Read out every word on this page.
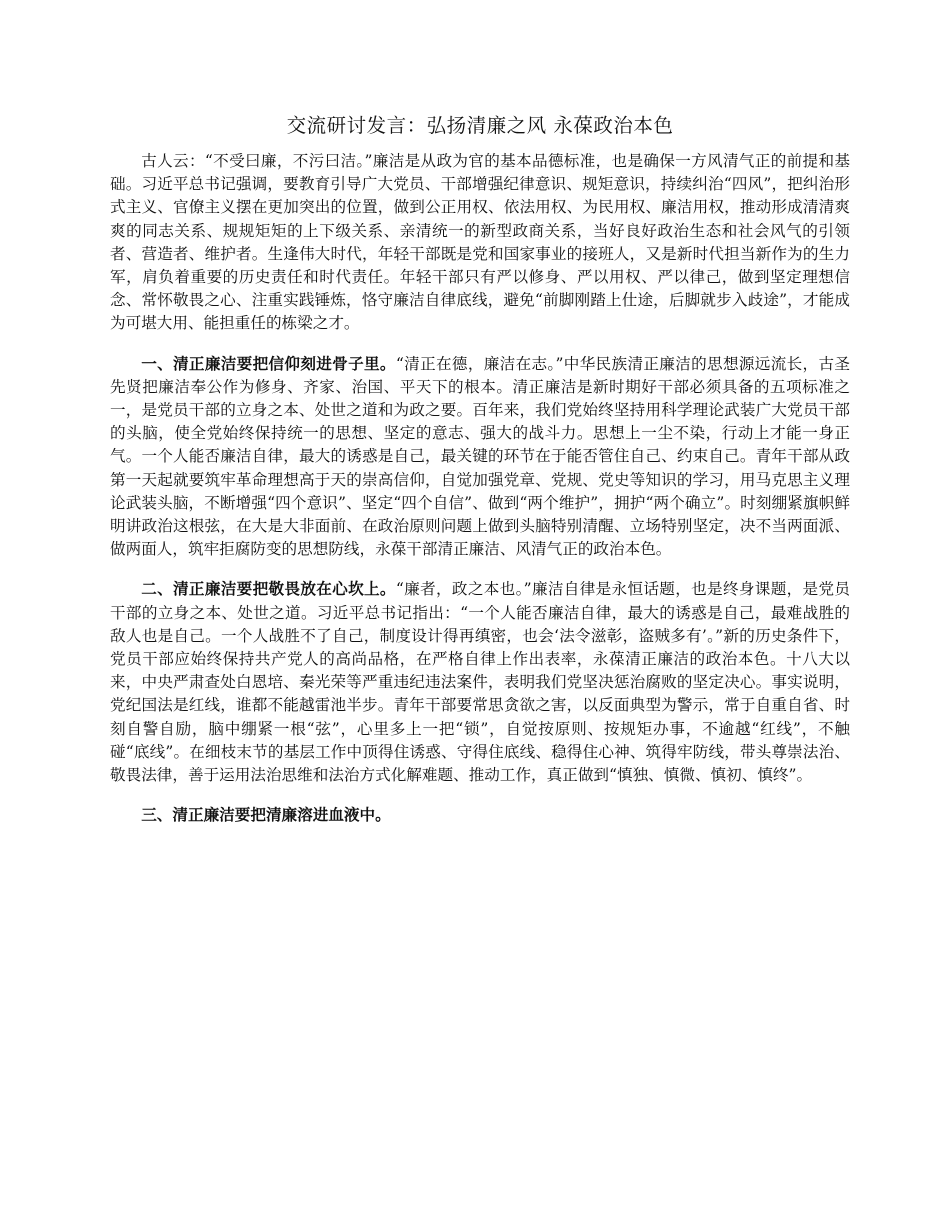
交流研讨发言：弘扬清廉之风 永葆政治本色

古人云：“不受曰廉，不污曰洁。”廉洁是从政为官的基本品德标准，也是确保一方风清气正的前提和基础。习近平总书记强调，要教育引导广大党员、干部增强纪律意识、规矩意识，持续纠治“四风”，把纠治形式主义、官僚主义摆在更加突出的位置，做到公正用权、依法用权、为民用权、廉洁用权，推动形成清清爽爽的同志关系、规规矩矩的上下级关系、亲清统一的新型政商关系，当好良好政治生态和社会风气的引领者、营造者、维护者。生逢伟大时代，年轻干部既是党和国家事业的接班人，又是新时代担当新作为的生力军，肩负着重要的历史责任和时代责任。年轻干部只有严以修身、严以用权、严以律己，做到坚定理想信念、常怀敬畏之心、注重实践锤炼，恪守廉洁自律底线，避免“前脚刚踏上仕途，后脚就步入歧途”，才能成为可堪大用、能担重任的栋梁之才。

一、清正廉洁要把信仰刻进骨子里。“清正在德，廉洁在志。”中华民族清正廉洁的思想源远流长，古圣先贤把廉洁奉公作为修身、齐家、治国、平天下的根本。清正廉洁是新时期好干部必须具备的五项标准之一，是党员干部的立身之本、处世之道和为政之要。百年来，我们党始终坚持用科学理论武装广大党员干部的头脑，使全党始终保持统一的思想、坚定的意志、强大的战斗力。思想上一尘不染，行动上才能一身正气。一个人能否廉洁自律，最大的诱惑是自己，最关键的环节在于能否管住自己、约束自己。青年干部从政第一天起就要筑牢革命理想高于天的崇高信仰，自觉加强党章、党规、党史等知识的学习，用马克思主义理论武装头脑，不断增强“四个意识”、坚定“四个自信”、做到“两个维护”，拥护“两个确立”。时刻绷紧旗帜鲜明讲政治这根弦，在大是大非面前、在政治原则问题上做到头脑特别清醒、立场特别坚定，决不当两面派、做两面人，筑牢拒腐防变的思想防线，永葆干部清正廉洁、风清气正的政治本色。

二、清正廉洁要把敬畏放在心坎上。“廉者，政之本也。”廉洁自律是永恒话题，也是终身课题，是党员干部的立身之本、处世之道。习近平总书记指出：“一个人能否廉洁自律，最大的诱惑是自己，最难战胜的敌人也是自己。一个人战胜不了自己，制度设计得再缜密，也会‘法令滋彰，盗贼多有’。”新的历史条件下，党员干部应始终保持共产党人的高尚品格，在严格自律上作出表率，永葆清正廉洁的政治本色。十八大以来，中央严肃查处白恩培、秦光荣等严重违纪违法案件，表明我们党坚决惩治腐败的坚定决心。事实说明，党纪国法是红线，谁都不能越雷池半步。青年干部要常思贪欲之害，以反面典型为警示，常于自重自省、时刻自警自励，脑中绷紧一根“弦”，心里多上一把“锁”，自觉按原则、按规矩办事，不逾越“红线”，不触碰“底线”。在细枝末节的基层工作中顶得住诱惑、守得住底线、稳得住心神、筑得牢防线，带头尊崇法治、敬畏法律，善于运用法治思维和法治方式化解难题、推动工作，真正做到“慎独、慎微、慎初、慎终”。

三、清正廉洁要把清廉溶进血液中。
